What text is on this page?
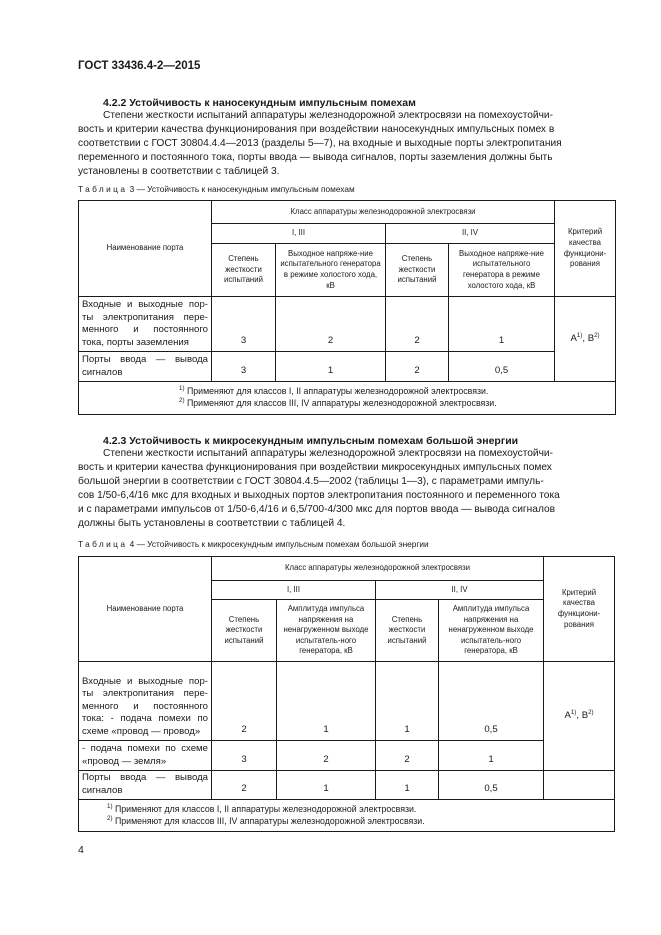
ГОСТ 33436.4-2—2015
4.2.2 Устойчивость к наносекундным импульсным помехам
Степени жесткости испытаний аппаратуры железнодорожной электросвязи на помехоустойчи-
вость и критерии качества функционирования при воздействии наносекундных импульсных помех в
соответствии с ГОСТ 30804.4.4—2013 (разделы 5—7), на входные и выходные порты электропитания
переменного и постоянного тока, порты ввода — вывода сигналов, порты заземления должны быть
установлены в соответствии с таблицей 3.
Таблица 3 — Устойчивость к наносекундным импульсным помехам
Наименование порта	Класс аппаратуры железнодорожной электросвязи				Критерий качества функциони-рования
	I, III		II, IV		
	Степень жесткости испытаний	Выходное напряже-ние испытательного генератора в режиме холостого хода, кВ	Степень жесткости испытаний	Выходное напряже-ние испытательного генератора в режиме холостого хода, кВ	
Входные и выходные пор-ты электропитания пере-менного и постоянного тока, порты заземления	3	2	2	1	$A^{1)}$, $B^{2)}$
Порты ввода — вывода сигналов	3	1	2	0,5	

$^{1)}$ Применяют для классов I, II аппаратуры железнодорожной электросвязи.
$^{2)}$ Применяют для классов III, IV аппаратуры железнодорожной электросвязи.					
4.2.3 Устойчивость к микросекундным импульсным помехам большой энергии
Степени жесткости испытаний аппаратуры железнодорожной электросвязи на помехоустойчи-
вость и критерии качества функционирования при воздействии микросекундных импульсных помех
большой энергии в соответствии с ГОСТ 30804.4.5—2002 (таблицы 1—3), с параметрами импуль-
сов 1/50-6,4/16 мкс для входных и выходных портов электропитания постоянного и переменного тока
и с параметрами импульсов от 1/50-6,4/16 и 6,5/700-4/300 мкс для портов ввода — вывода сигналов
должны быть установлены в соответствии с таблицей 4.
Таблица 4 — Устойчивость к микросекундным импульсным помехам большой энергии
Наименование порта	Класс аппаратуры железнодорожной электросвязи				Критерий качества функциони-рования
	I, III		II, IV		
	Степень жесткости испытаний	Амплитуда импульса напряжения на ненагруженном выходе испытатель-ного генератора, кВ	Степень жесткости испытаний	Амплитуда импульса напряжения на ненагруженном выходе испытатель-ного генератора, кВ	
Входные и выходные пор-ты электропитания пере-менного и постоянного тока: - подача помехи по схеме «провод — провод»	2	1	1	0,5	$A^{1)}$, $B^{2)}$
- подача помехи по схеме «провод — земля»	3	2	2	1	
Порты ввода — вывода сигналов	2	1	1	0,5	

$^{1)}$ Применяют для классов I, II аппаратуры железнодорожной электросвязи.
$^{2)}$ Применяют для классов III, IV аппаратуры железнодорожной электросвязи.					
4
